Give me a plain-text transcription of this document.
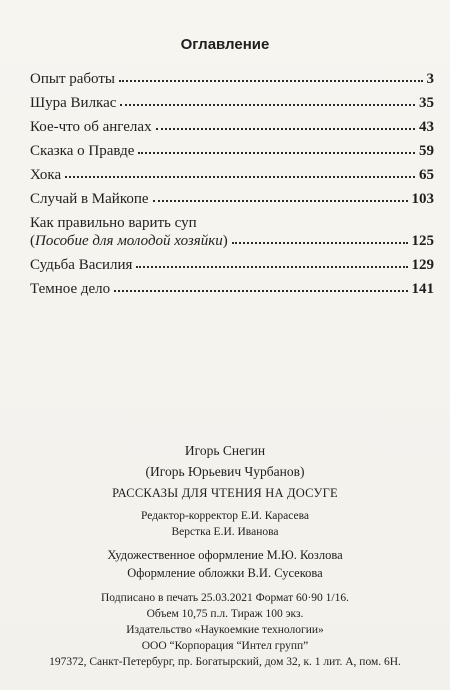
Оглавление
Опыт работы	3
Шура Вилкас	35
Кое-что об ангелах	43
Сказка о Правде	59
Хока	65
Случай в Майкопе	103
Как правильно варить суп
(Пособие для молодой хозяйки)	125
Судьба Василия	129
Темное дело	141
Игорь Снегин
(Игорь Юрьевич Чурбанов)
РАССКАЗЫ ДЛЯ ЧТЕНИЯ НА ДОСУГЕ
Редактор-корректор Е.И. Карасева
Верстка Е.И. Иванова
Художественное оформление М.Ю. Козлова
Оформление обложки В.И. Сусекова
Подписано в печать 25.03.2021 Формат 60·90 1/16.
Объем 10,75 п.л. Тираж 100 экз.
Издательство «Наукоемкие технологии»
ООО “Корпорация “Интел групп”
197372, Санкт-Петербург, пр. Богатырский, дом 32, к. 1 лит. А, пом. 6Н.
